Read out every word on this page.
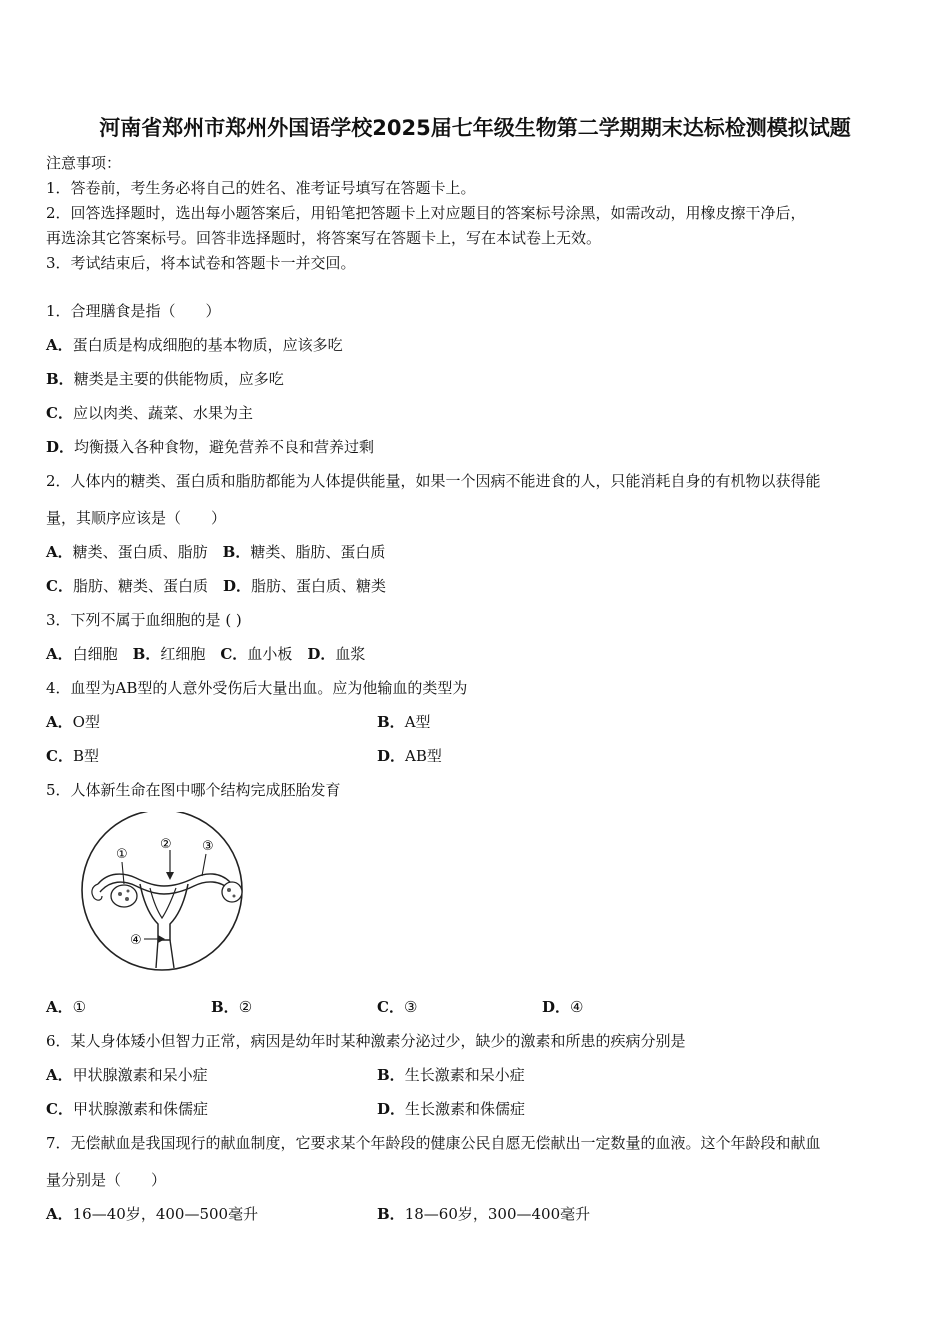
河南省郑州市郑州外国语学校2025届七年级生物第二学期期末达标检测模拟试题
注意事项：
1．答卷前，考生务必将自己的姓名、准考证号填写在答题卡上。
2．回答选择题时，选出每小题答案后，用铅笔把答题卡上对应题目的答案标号涂黑，如需改动，用橡皮擦干净后，
再选涂其它答案标号。回答非选择题时，将答案写在答题卡上，写在本试卷上无效。
3．考试结束后，将本试卷和答题卡一并交回。
1．合理膳食是指（　　）
A．蛋白质是构成细胞的基本物质，应该多吃
B．糖类是主要的供能物质，应多吃
C．应以肉类、蔬菜、水果为主
D．均衡摄入各种食物，避免营养不良和营养过剩
2．人体内的糖类、蛋白质和脂肪都能为人体提供能量，如果一个因病不能进食的人，只能消耗自身的有机物以获得能
量，其顺序应该是（　　）
A．糖类、蛋白质、脂肪　B．糖类、脂肪、蛋白质
C．脂肪、糖类、蛋白质　D．脂肪、蛋白质、糖类
3．下列不属于血细胞的是 ( )
A．白细胞　B．红细胞　C．血小板　D．血浆
4．血型为AB型的人意外受伤后大量出血。应为他输血的类型为
A．O型	B．A型
C．B型	D．AB型
5．人体新生命在图中哪个结构完成胚胎发育
①
② ③
④
A．①	B．②	C．③	D．④
6．某人身体矮小但智力正常，病因是幼年时某种激素分泌过少，缺少的激素和所患的疾病分别是
A．甲状腺激素和呆小症	B．生长激素和呆小症
C．甲状腺激素和侏儒症	D．生长激素和侏儒症
7．无偿献血是我国现行的献血制度，它要求某个年龄段的健康公民自愿无偿献出一定数量的血液。这个年龄段和献血
量分别是（　　）
A．16—40岁，400—500毫升	B．18—60岁，300—400毫升
